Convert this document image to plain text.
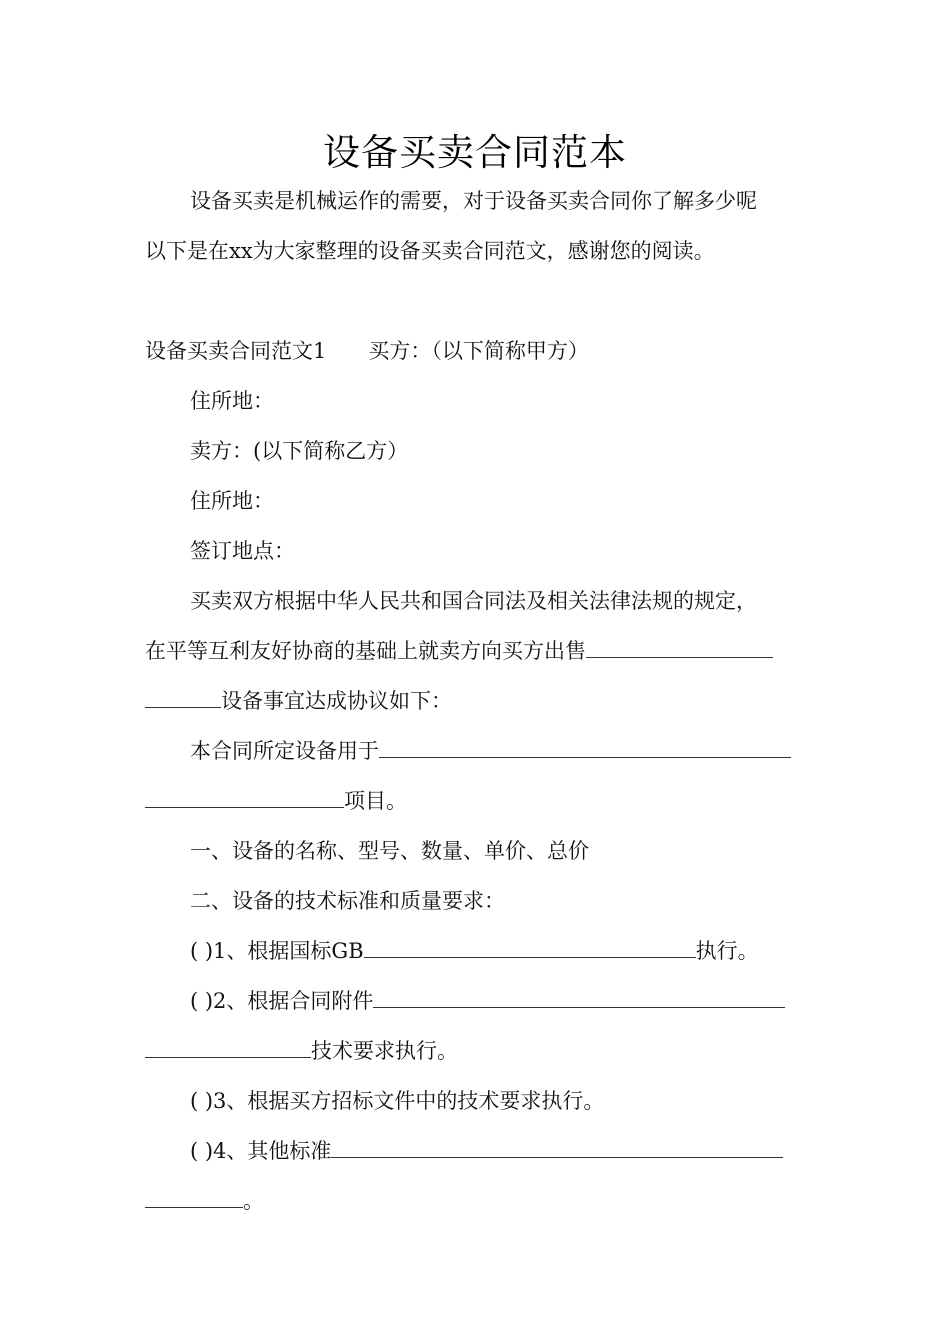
设备买卖合同范本
设备买卖是机械运作的需要，对于设备买卖合同你了解多少呢
以下是在xx为大家整理的设备买卖合同范文，感谢您的阅读。
设备买卖合同范文1 买方：（以下简称甲方）
住所地：
卖方：(以下简称乙方）
住所地：
签订地点：
买卖双方根据中华人民共和国合同法及相关法律法规的规定，
在平等互利友好协商的基础上就卖方向买方出售
设备事宜达成协议如下：
本合同所定设备用于
项目。
一、设备的名称、型号、数量、单价、总价
二、设备的技术标准和质量要求：
( )1、根据国标GB	执行。
( )2、根据合同附件
技术要求执行。
( )3、根据买方招标文件中的技术要求执行。
( )4、其他标准
。
